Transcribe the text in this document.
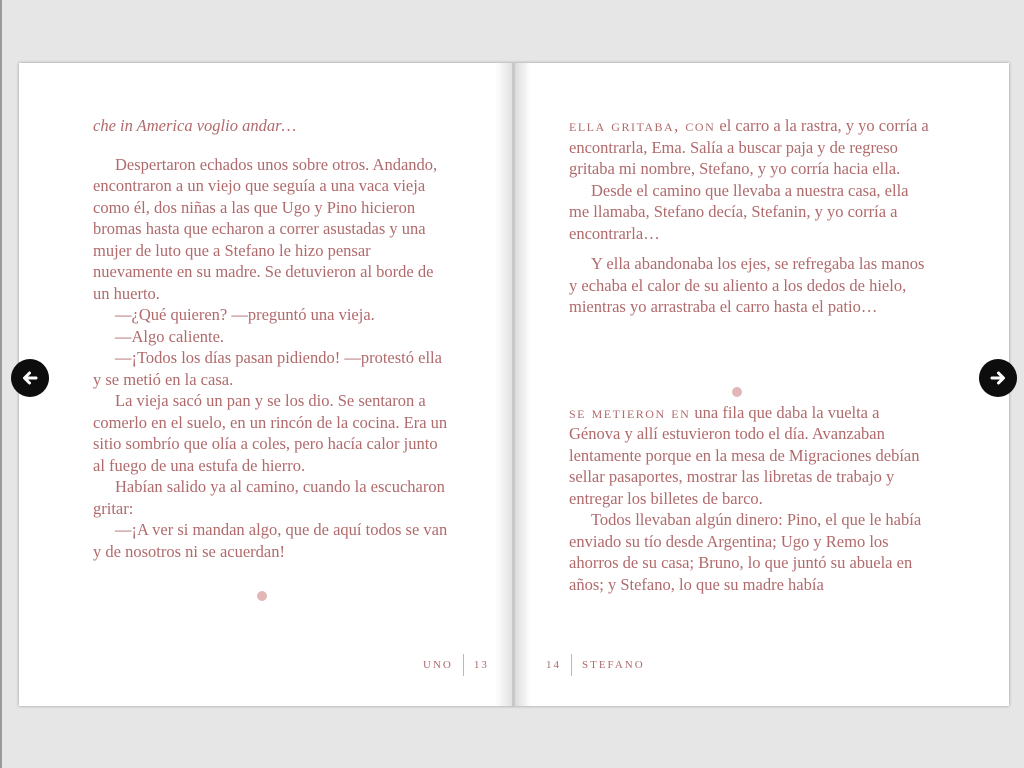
che in America voglio andar…

Despertaron echados unos sobre otros. Andando, encontraron a un viejo que seguía a una vaca vieja como él, dos niñas a las que Ugo y Pino hicieron bromas hasta que echaron a correr asustadas y una mujer de luto que a Stefano le hizo pensar nuevamente en su madre. Se detuvieron al borde de un huerto.

—¿Qué quieren? —preguntó una vieja.

—Algo caliente.

—¡Todos los días pasan pidiendo! —protestó ella y se metió en la casa.

La vieja sacó un pan y se los dio. Se sentaron a comerlo en el suelo, en un rincón de la cocina. Era un sitio sombrío que olía a coles, pero hacía calor junto al fuego de una estufa de hierro.

Habían salido ya al camino, cuando la escucharon gritar:

—¡A ver si mandan algo, que de aquí todos se van y de nosotros ni se acuerdan!

UNO 13

ella gritaba, con el carro a la rastra, y yo corría a encontrarla, Ema. Salía a buscar paja y de regreso gritaba mi nombre, Stefano, y yo corría hacia ella.

Desde el camino que llevaba a nuestra casa, ella me llamaba, Stefano decía, Stefanin, y yo corría a encontrarla…

Y ella abandonaba los ejes, se refregaba las manos y echaba el calor de su aliento a los dedos de hielo, mientras yo arrastraba el carro hasta el patio…

se metieron en una fila que daba la vuelta a Génova y allí estuvieron todo el día. Avanzaban lentamente porque en la mesa de Migraciones debían sellar pasaportes, mostrar las libretas de trabajo y entregar los billetes de barco.

Todos llevaban algún dinero: Pino, el que le había enviado su tío desde Argentina; Ugo y Remo los ahorros de su casa; Bruno, lo que juntó su abuela en años; y Stefano, lo que su madre había

14 STEFANO
